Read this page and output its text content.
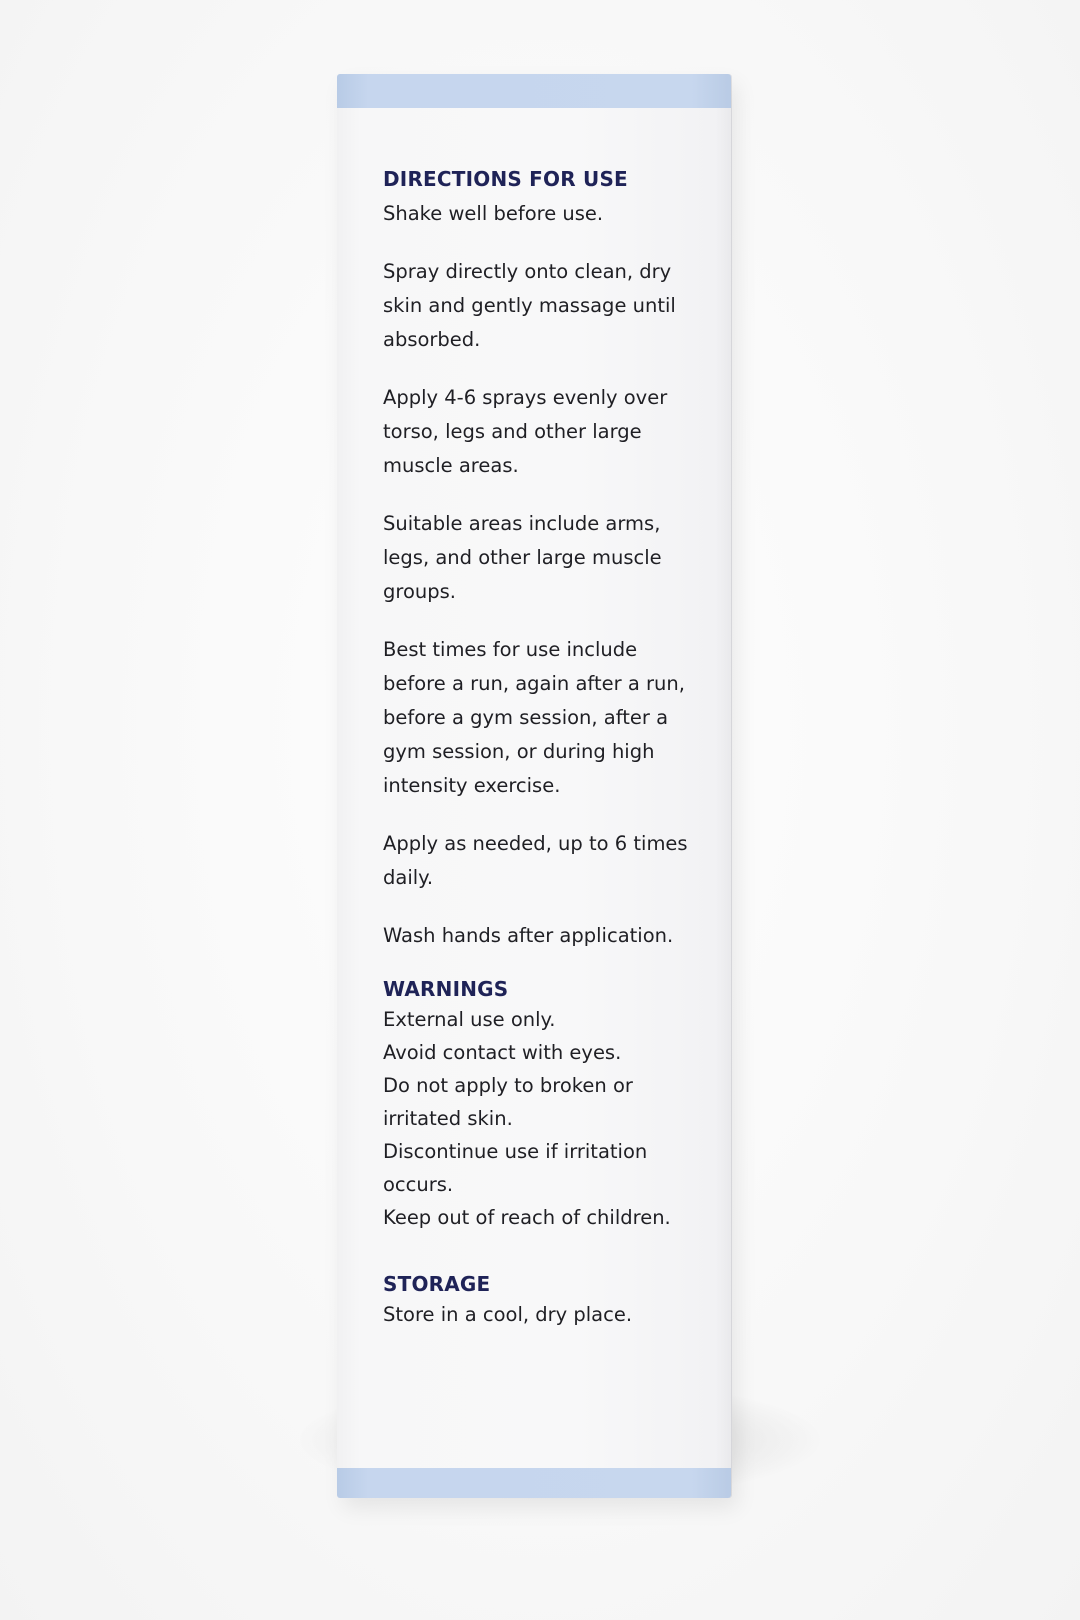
DIRECTIONS FOR USE

Shake well before use.

Spray directly onto clean, dry skin and gently massage until absorbed.

Apply 4-6 sprays evenly over torso, legs and other large muscle areas.

Suitable areas include arms, legs, and other large muscle groups.

Best times for use include before a run, again after a run, before a gym session, after a gym session, or during high intensity exercise.

Apply as needed, up to 6 times daily.

Wash hands after application.

WARNINGS

External use only.

Avoid contact with eyes.

Do not apply to broken or irritated skin.

Discontinue use if irritation occurs.

Keep out of reach of children.

STORAGE

Store in a cool, dry place.
